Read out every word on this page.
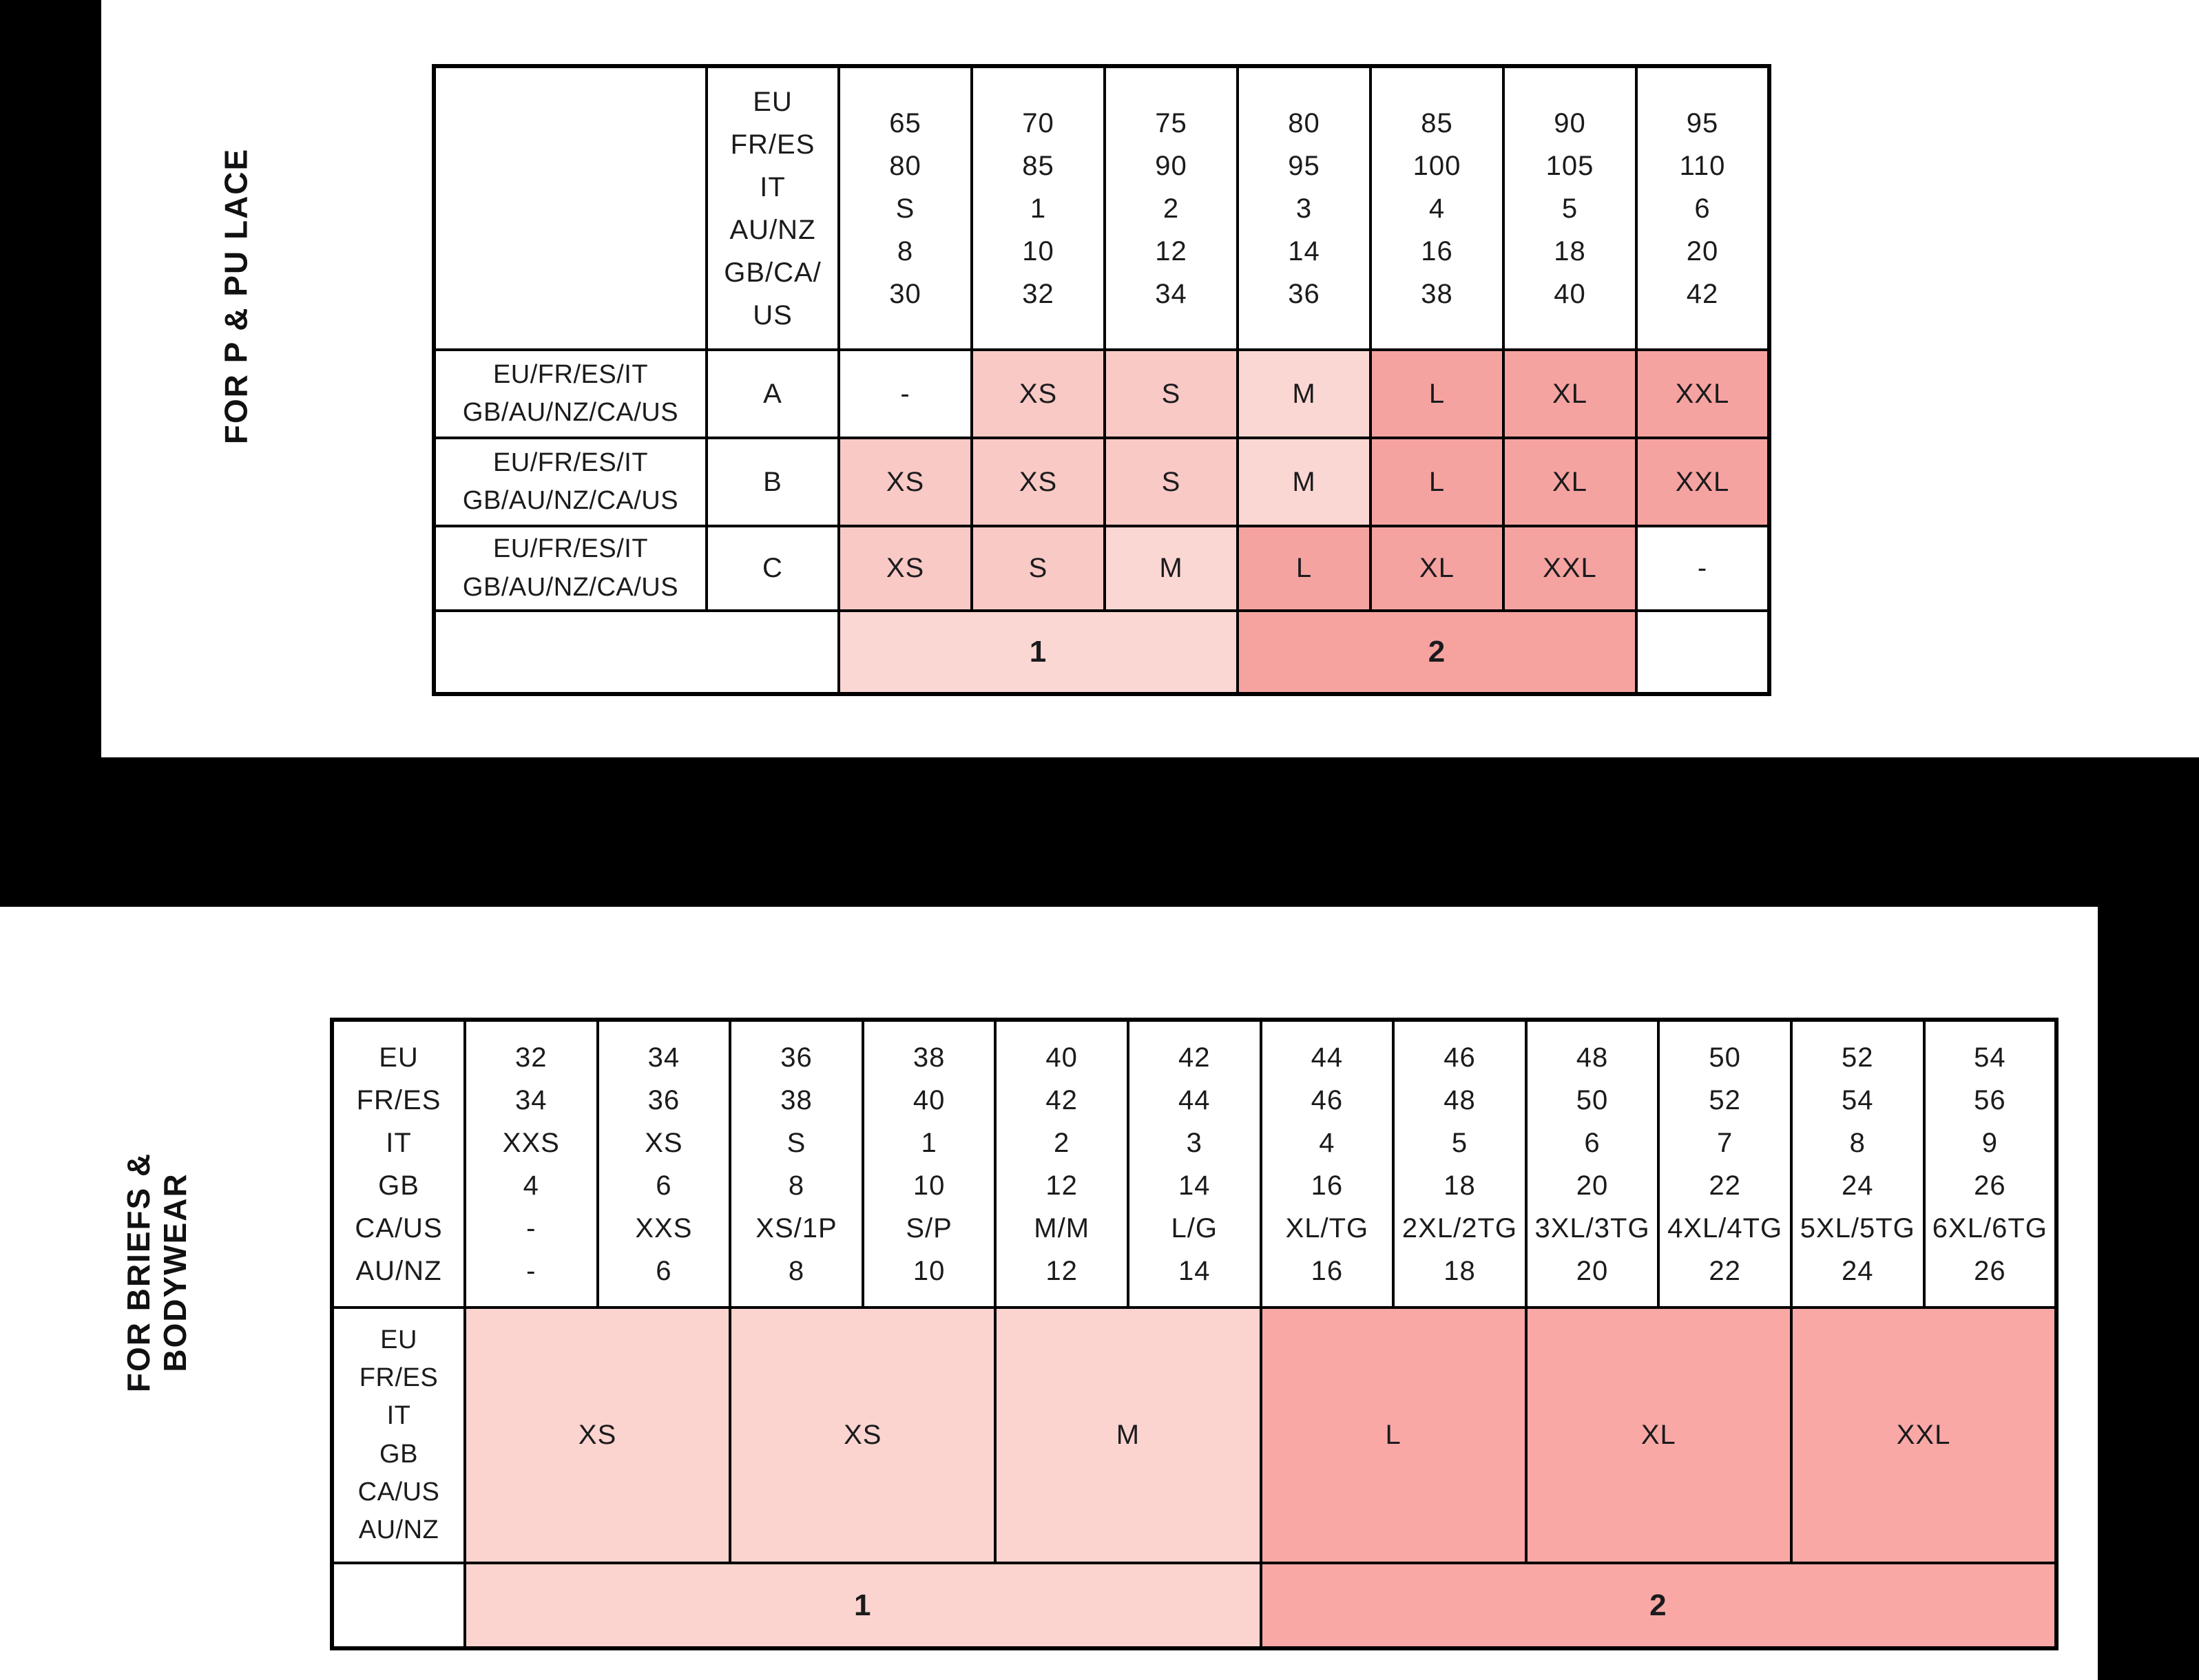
FOR P & PU LACE
FOR BRIEFS &
BODYWEAR
	EU
FR/ES
IT
AU/NZ
GB/CA/
US	65
80
S
8
30	70
85
1
10
32	75
90
2
12
34	80
95
3
14
36	85
100
4
16
38	90
105
5
18
40	95
110
6
20
42
EU/FR/ES/IT
GB/AU/NZ/CA/US	A	-	XS	S	M	L	XL	XXL
EU/FR/ES/IT
GB/AU/NZ/CA/US	B	XS	XS	S	M	L	XL	XXL
EU/FR/ES/IT
GB/AU/NZ/CA/US	C	XS	S	M	L	XL	XXL	-
		1			2			
EU
FR/ES
IT
GB
CA/US
AU/NZ	32
34
XXS
4
-
-	34
36
XS
6
XXS
6	36
38
S
8
XS/1P
8	38
40
1
10
S/P
10	40
42
2
12
M/M
12	42
44
3
14
L/G
14	44
46
4
16
XL/TG
16	46
48
5
18
2XL/2TG
18	48
50
6
20
3XL/3TG
20	50
52
7
22
4XL/4TG
22	52
54
8
24
5XL/5TG
24	54
56
9
26
6XL/6TG
26
EU
FR/ES
IT
GB
CA/US
AU/NZ	XS	XS	M	L	XL	XXL
	1						2					
